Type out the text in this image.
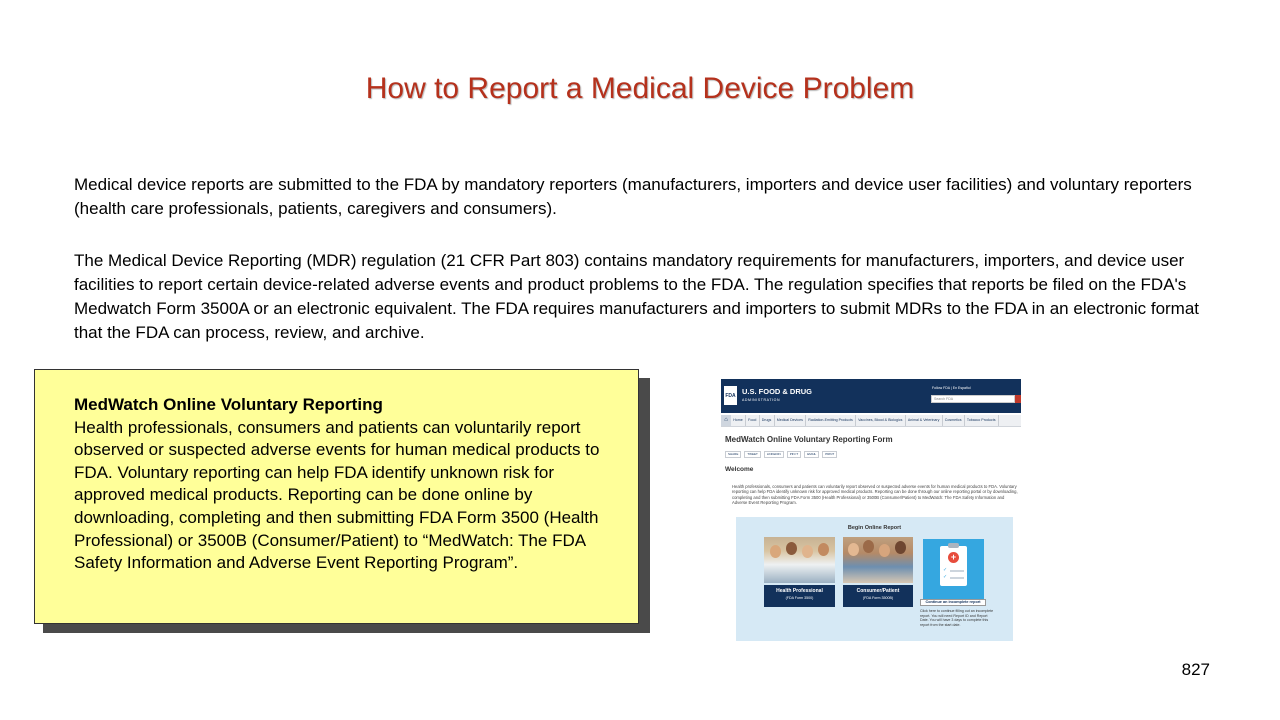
How to Report a Medical Device Problem

Medical device reports are submitted to the FDA by mandatory reporters (manufacturers, importers and device user facilities) and voluntary reporters (health care professionals, patients, caregivers and consumers).

The Medical Device Reporting (MDR) regulation (21 CFR Part 803) contains mandatory requirements for manufacturers, importers, and device user facilities to report certain device-related adverse events and product problems to the FDA. The regulation specifies that reports be filed on the FDA's Medwatch Form 3500A or an electronic equivalent. The FDA requires manufacturers and importers to submit MDRs to the FDA in an electronic format that the FDA can process, review, and archive.

MedWatch Online Voluntary Reporting
Health professionals, consumers and patients can voluntarily report observed or suspected adverse events for human medical products to FDA. Voluntary reporting can help FDA identify unknown risk for approved medical products. Reporting can be done online by downloading, completing and then submitting FDA Form 3500 (Health Professional) or 3500B (Consumer/Patient) to “MedWatch: The FDA Safety Information and Adverse Event Reporting Program”.
FDA U.S. FOOD & DRUG
ADMINISTRATION
Follow FDA | En Español
Search FDA
⌂	Home	Food	Drugs	Medical Devices	Radiation-Emitting Products	Vaccines, Blood & Biologics	Animal & Veterinary	Cosmetics	Tobacco Products
MedWatch Online Voluntary Reporting Form
SHARE	TWEET	LINKEDIN	PIN IT	EMAIL	PRINT
Welcome
Health professionals, consumers and patients can voluntarily report observed or suspected adverse events for human medical products to FDA. Voluntary reporting can help FDA identify unknown risk for approved medical products. Reporting can be done through our online reporting portal or by downloading, completing and then submitting FDA Form 3500 (Health Professional) or 3500B (Consumer/Patient) to MedWatch: The FDA Safety Information and Adverse Event Reporting Program.
Begin Online Report
Health Professional
(FDA Form 3500)
Consumer/Patient
(FDA Form 3500B)
+
✓
✓
Continue an incomplete report
Click here to continue filling out an incomplete report. You will need Report ID and Report Date. You will have 3 days to complete this report from the start date.
827
